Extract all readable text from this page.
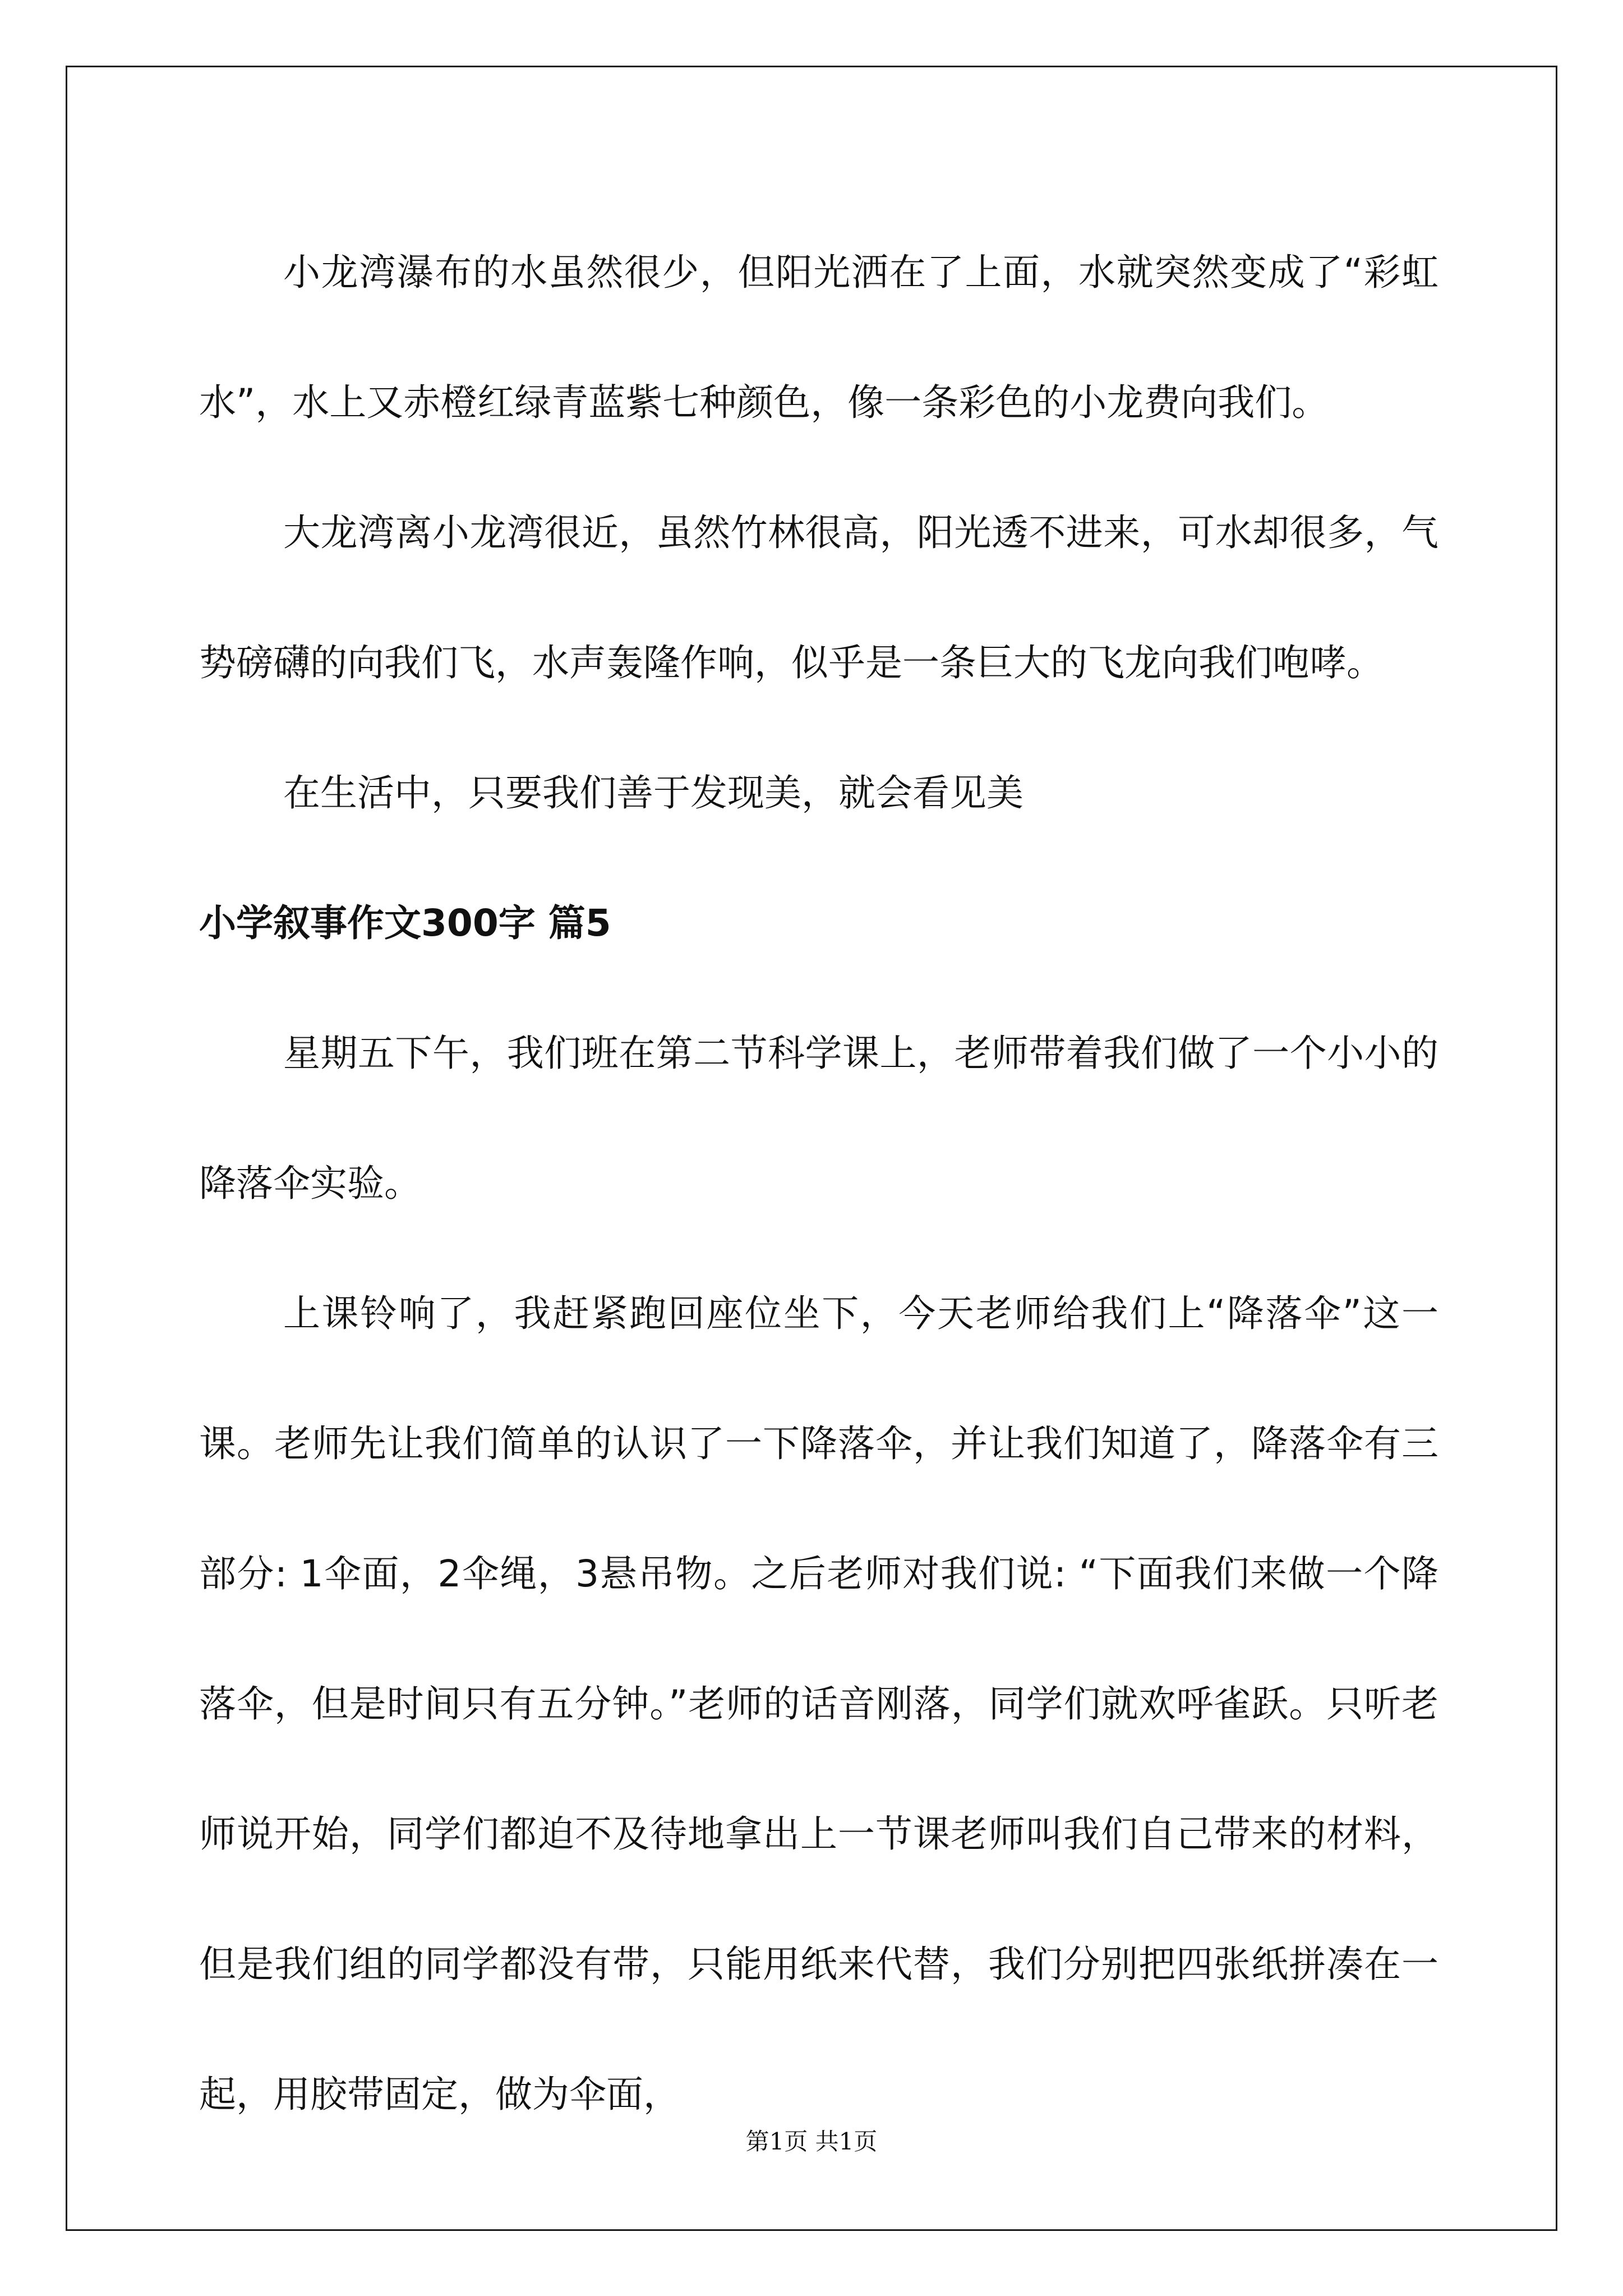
小龙湾瀑布的水虽然很少，但阳光洒在了上面，水就突然变成了“彩虹水”，水上又赤橙红绿青蓝紫七种颜色，像一条彩色的小龙费向我们。

大龙湾离小龙湾很近，虽然竹林很高，阳光透不进来，可水却很多，气势磅礴的向我们飞，水声轰隆作响，似乎是一条巨大的飞龙向我们咆哮。

在生活中，只要我们善于发现美，就会看见美

小学叙事作文300字 篇5

星期五下午，我们班在第二节科学课上，老师带着我们做了一个小小的降落伞实验。

上课铃响了，我赶紧跑回座位坐下，今天老师给我们上“降落伞”这一课。老师先让我们简单的认识了一下降落伞，并让我们知道了，降落伞有三部分: 1伞面，2伞绳，3悬吊物。之后老师对我们说: “下面我们来做一个降落伞，但是时间只有五分钟。”老师的话音刚落，同学们就欢呼雀跃。只听老师说开始，同学们都迫不及待地拿出上一节课老师叫我们自己带来的材料，但是我们组的同学都没有带，只能用纸来代替，我们分别把四张纸拼凑在一起，用胶带固定，做为伞面，

第1页 共1页
